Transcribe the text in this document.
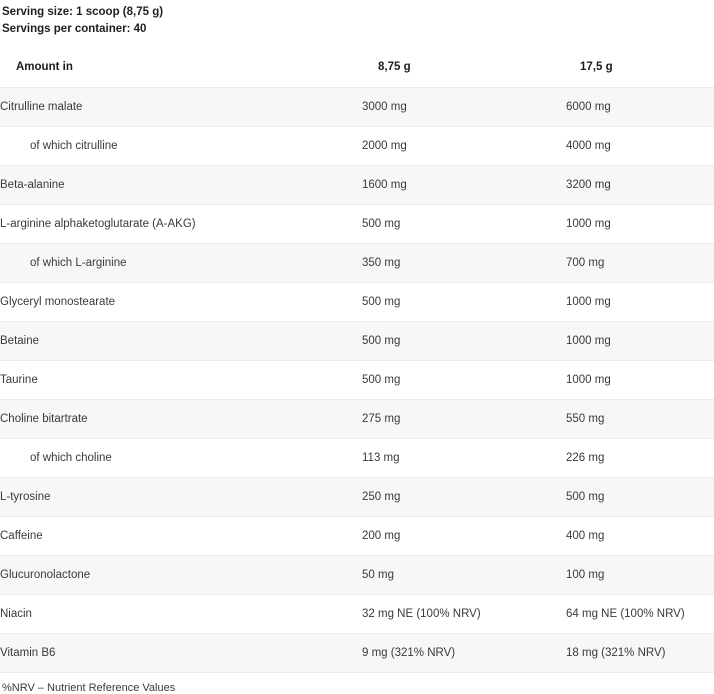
Serving size: 1 scoop (8,75 g)
Servings per container: 40
Amount in	8,75 g	17,5 g
Citrulline malate	3000 mg	6000 mg
of which citrulline	2000 mg	4000 mg
Beta-alanine	1600 mg	3200 mg
L-arginine alphaketoglutarate (A-AKG)	500 mg	1000 mg
of which L-arginine	350 mg	700 mg
Glyceryl monostearate	500 mg	1000 mg
Betaine	500 mg	1000 mg
Taurine	500 mg	1000 mg
Choline bitartrate	275 mg	550 mg
of which choline	113 mg	226 mg
L-tyrosine	250 mg	500 mg
Caffeine	200 mg	400 mg
Glucuronolactone	50 mg	100 mg
Niacin	32 mg NE (100% NRV)	64 mg NE (100% NRV)
Vitamin B6	9 mg (321% NRV)	18 mg (321% NRV)
%NRV – Nutrient Reference Values
